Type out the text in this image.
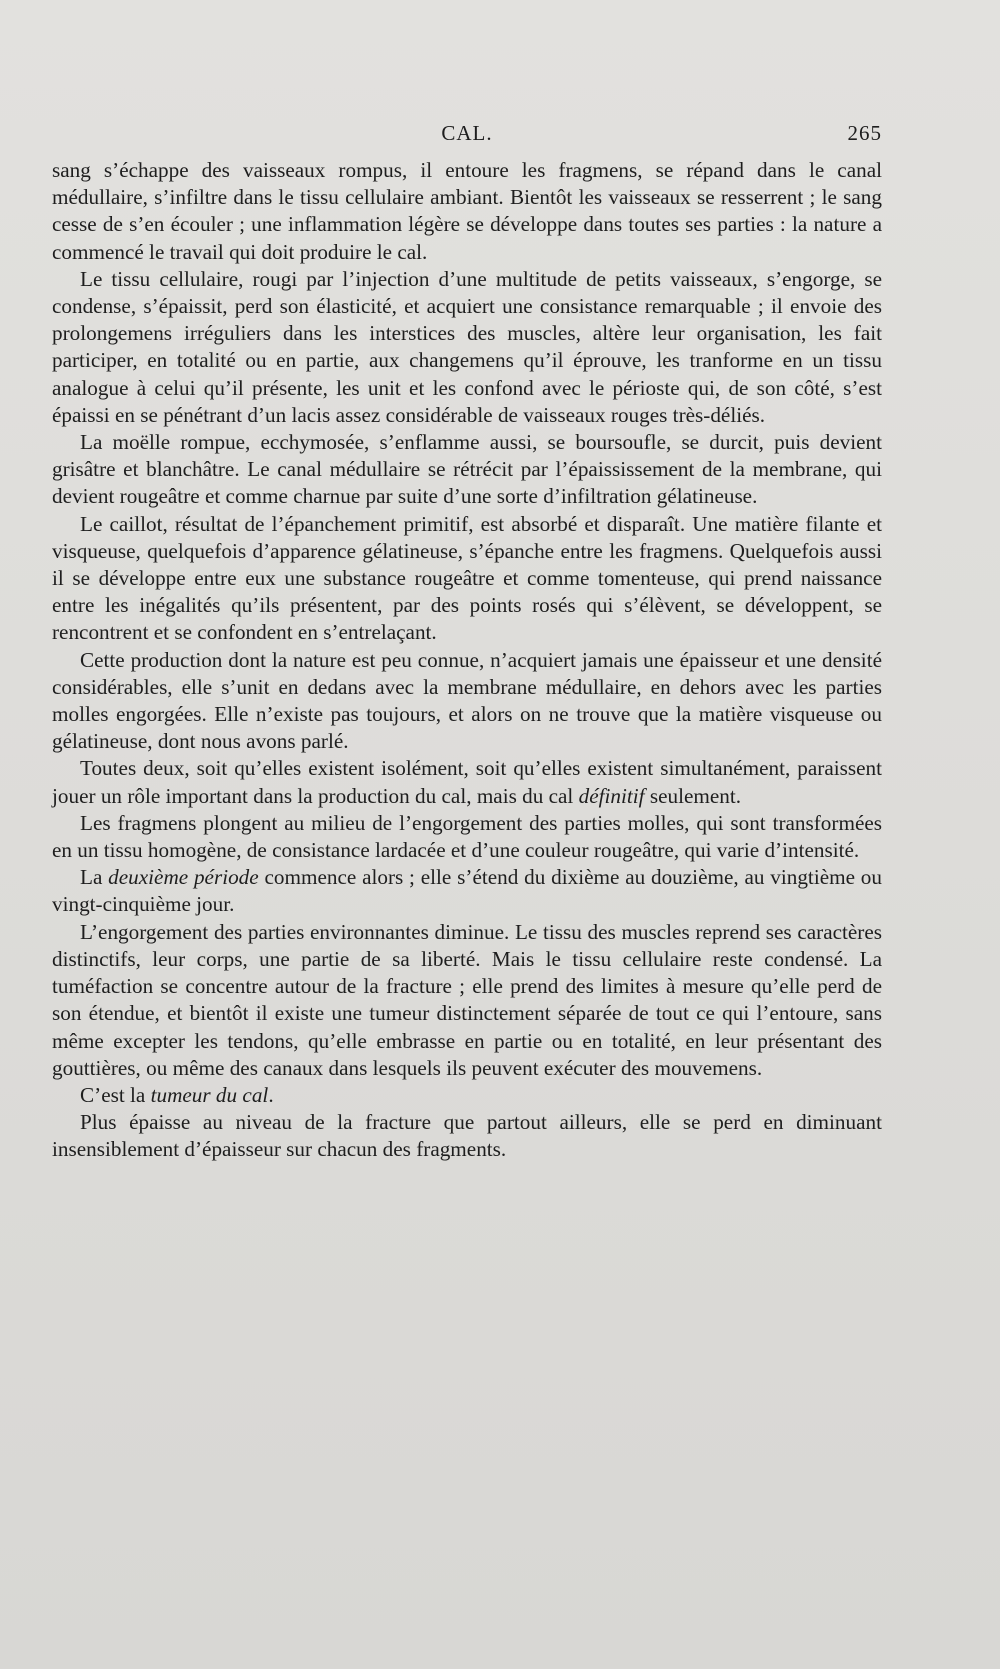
CAL.	265

sang s’échappe des vaisseaux rompus, il entoure les fragmens, se répand dans le canal médullaire, s’infiltre dans le tissu cellulaire ambiant. Bientôt les vaisseaux se resserrent ; le sang cesse de s’en écouler ; une inflammation légère se développe dans toutes ses parties : la nature a commencé le travail qui doit produire le cal.

Le tissu cellulaire, rougi par l’injection d’une multitude de petits vaisseaux, s’engorge, se condense, s’épaissit, perd son élasticité, et acquiert une consistance remarquable ; il envoie des prolongemens irréguliers dans les interstices des muscles, altère leur organisation, les fait participer, en totalité ou en partie, aux changemens qu’il éprouve, les tranforme en un tissu analogue à celui qu’il présente, les unit et les confond avec le périoste qui, de son côté, s’est épaissi en se pénétrant d’un lacis assez considérable de vaisseaux rouges très-déliés.

La moëlle rompue, ecchymosée, s’enflamme aussi, se boursoufle, se durcit, puis devient grisâtre et blanchâtre. Le canal médullaire se rétrécit par l’épaississement de la membrane, qui devient rougeâtre et comme charnue par suite d’une sorte d’infiltration gélatineuse.

Le caillot, résultat de l’épanchement primitif, est absorbé et disparaît. Une matière filante et visqueuse, quelquefois d’apparence gélatineuse, s’épanche entre les fragmens. Quelquefois aussi il se développe entre eux une substance rougeâtre et comme tomenteuse, qui prend naissance entre les inégalités qu’ils présentent, par des points rosés qui s’élèvent, se développent, se rencontrent et se confondent en s’entrelaçant.

Cette production dont la nature est peu connue, n’acquiert jamais une épaisseur et une densité considérables, elle s’unit en dedans avec la membrane médullaire, en dehors avec les parties molles engorgées. Elle n’existe pas toujours, et alors on ne trouve que la matière visqueuse ou gélatineuse, dont nous avons parlé.

Toutes deux, soit qu’elles existent isolément, soit qu’elles existent simultanément, paraissent jouer un rôle important dans la production du cal, mais du cal définitif seulement.

Les fragmens plongent au milieu de l’engorgement des parties molles, qui sont transformées en un tissu homogène, de consistance lardacée et d’une couleur rougeâtre, qui varie d’intensité.

La deuxième période commence alors ; elle s’étend du dixième au douzième, au vingtième ou vingt-cinquième jour.

L’engorgement des parties environnantes diminue. Le tissu des muscles reprend ses caractères distinctifs, leur corps, une partie de sa liberté. Mais le tissu cellulaire reste condensé. La tuméfaction se concentre autour de la fracture ; elle prend des limites à mesure qu’elle perd de son étendue, et bientôt il existe une tumeur distinctement séparée de tout ce qui l’entoure, sans même excepter les tendons, qu’elle embrasse en partie ou en totalité, en leur présentant des gouttières, ou même des canaux dans lesquels ils peuvent exécuter des mouvemens.

C’est la tumeur du cal.

Plus épaisse au niveau de la fracture que partout ailleurs, elle se perd en diminuant insensiblement d’épaisseur sur chacun des fragments.
